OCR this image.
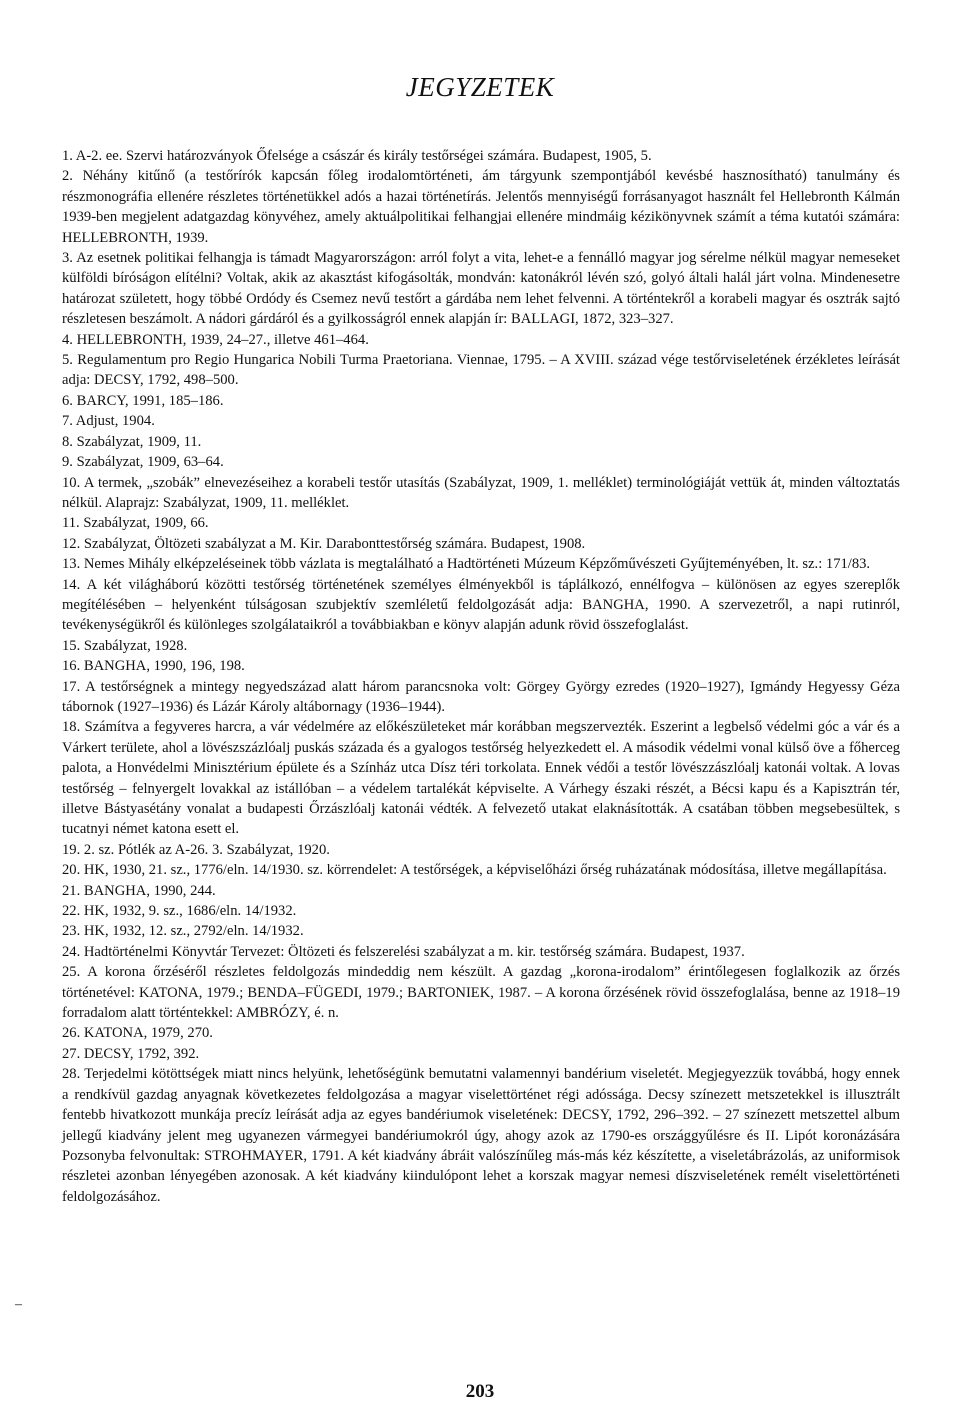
JEGYZETEK

1. A-2. ee. Szervi határozványok Őfelsége a császár és király testőrségei számára. Budapest, 1905, 5.

2. Néhány kitűnő (a testőrírók kapcsán főleg irodalomtörténeti, ám tárgyunk szempontjából kevésbé hasznosítható) tanulmány és részmonográfia ellenére részletes történetükkel adós a hazai történetírás. Jelentős mennyiségű forrásanyagot használt fel Hellebronth Kálmán 1939-ben megjelent adatgazdag könyvéhez, amely aktuálpolitikai felhangjai ellenére mindmáig kézikönyvnek számít a téma kutatói számára: HELLEBRONTH, 1939.

3. Az esetnek politikai felhangja is támadt Magyarországon: arról folyt a vita, lehet-e a fennálló magyar jog sérelme nélkül magyar nemeseket külföldi bíróságon elítélni? Voltak, akik az akasztást kifogásolták, mondván: katonákról lévén szó, golyó általi halál járt volna. Mindenesetre határozat született, hogy többé Ordódy és Csemez nevű testőrt a gárdába nem lehet felvenni. A történtekről a korabeli magyar és osztrák sajtó részletesen beszámolt. A nádori gárdáról és a gyilkosságról ennek alapján ír: BALLAGI, 1872, 323–327.

4. HELLEBRONTH, 1939, 24–27., illetve 461–464.

5. Regulamentum pro Regio Hungarica Nobili Turma Praetoriana. Viennae, 1795. – A XVIII. század vége testőrviseletének érzékletes leírását adja: DECSY, 1792, 498–500.

6. BARCY, 1991, 185–186.

7. Adjust, 1904.

8. Szabályzat, 1909, 11.

9. Szabályzat, 1909, 63–64.

10. A termek, „szobák” elnevezéseihez a korabeli testőr utasítás (Szabályzat, 1909, 1. melléklet) terminológiáját vettük át, minden változtatás nélkül. Alaprajz: Szabályzat, 1909, 11. melléklet.

11. Szabályzat, 1909, 66.

12. Szabályzat, Öltözeti szabályzat a M. Kir. Darabonttestőrség számára. Budapest, 1908.

13. Nemes Mihály elképzeléseinek több vázlata is megtalálható a Hadtörténeti Múzeum Képzőművészeti Gyűjteményében, lt. sz.: 171/83.

14. A két világháború közötti testőrség történetének személyes élményekből is táplálkozó, ennélfogva – különösen az egyes szereplők megítélésében – helyenként túlságosan szubjektív szemléletű feldolgozását adja: BANGHA, 1990. A szervezetről, a napi rutinról, tevékenységükről és különleges szolgálataikról a továbbiakban e könyv alapján adunk rövid összefoglalást.

15. Szabályzat, 1928.

16. BANGHA, 1990, 196, 198.

17. A testőrségnek a mintegy negyedszázad alatt három parancsnoka volt: Görgey György ezredes (1920–1927), Igmándy Hegyessy Géza tábornok (1927–1936) és Lázár Károly altábornagy (1936–1944).

18. Számítva a fegyveres harcra, a vár védelmére az előkészületeket már korábban megszervezték. Eszerint a legbelső védelmi góc a vár és a Várkert területe, ahol a lövészszázlóalj puskás százada és a gyalogos testőrség helyezkedett el. A második védelmi vonal külső öve a főherceg palota, a Honvédelmi Minisztérium épülete és a Színház utca Dísz téri torkolata. Ennek védői a testőr lövészzászlóalj katonái voltak. A lovas testőrség – felnyergelt lovakkal az istállóban – a védelem tartalékát képviselte. A Várhegy északi részét, a Bécsi kapu és a Kapisztrán tér, illetve Bástyasétány vonalat a budapesti Őrzászlóalj katonái védték. A felvezető utakat elaknásították. A csatában többen megsebesültek, s tucatnyi német katona esett el.

19. 2. sz. Pótlék az A-26. 3. Szabályzat, 1920.

20. HK, 1930, 21. sz., 1776/eln. 14/1930. sz. körrendelet: A testőrségek, a képviselőházi őrség ruházatának módosítása, illetve megállapítása.

21. BANGHA, 1990, 244.

22. HK, 1932, 9. sz., 1686/eln. 14/1932.

23. HK, 1932, 12. sz., 2792/eln. 14/1932.

24. Hadtörténelmi Könyvtár Tervezet: Öltözeti és felszerelési szabályzat a m. kir. testőrség számára. Budapest, 1937.

25. A korona őrzéséről részletes feldolgozás mindeddig nem készült. A gazdag „korona-irodalom” érintőlegesen foglalkozik az őrzés történetével: KATONA, 1979.; BENDA–FÜGEDI, 1979.; BARTONIEK, 1987. – A korona őrzésének rövid összefoglalása, benne az 1918–19 forradalom alatt történtekkel: AMBRÓZY, é. n.

26. KATONA, 1979, 270.

27. DECSY, 1792, 392.

28. Terjedelmi kötöttségek miatt nincs helyünk, lehetőségünk bemutatni valamennyi bandérium viseletét. Megjegyezzük továbbá, hogy ennek a rendkívül gazdag anyagnak következetes feldolgozása a magyar viselettörténet régi adóssága. Decsy színezett metszetekkel is illusztrált fentebb hivatkozott munkája precíz leírását adja az egyes bandériumok viseletének: DECSY, 1792, 296–392. – 27 színezett metszettel album jellegű kiadvány jelent meg ugyanezen vármegyei bandériumokról úgy, ahogy azok az 1790-es országgyűlésre és II. Lipót koronázására Pozsonyba felvonultak: STROHMAYER, 1791. A két kiadvány ábráit valószínűleg más-más kéz készítette, a viseletábrázolás, az uniformisok részletei azonban lényegében azonosak. A két kiadvány kiindulópont lehet a korszak magyar nemesi díszviseletének remélt viselettörténeti feldolgozásához.

–
203
